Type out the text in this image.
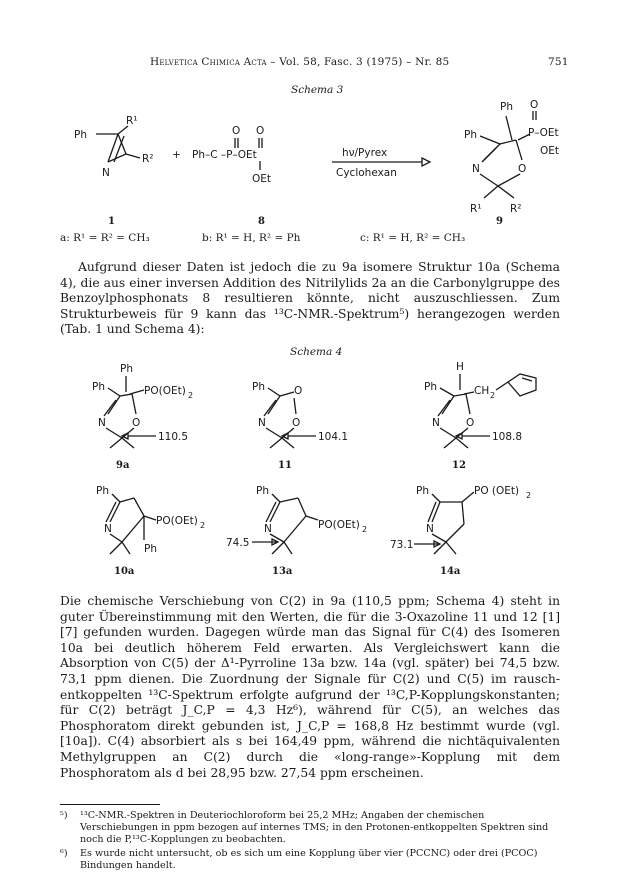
Helvetica Chimica Acta – Vol. 58, Fasc. 3 (1975) – Nr. 85	751
Schema 3
Ph
R¹
R²
N
+
O O
Ph–C –P–OEt
OEt
hν/Pyrex
Cyclohexan
Ph O
Ph	P–OEt
OEt
N	O
R¹	R²
1	8	9
a: R¹ = R² = CH₃	b: R¹ = H, R² = Ph	c: R¹ = H, R² = CH₃

Aufgrund dieser Daten ist jedoch die zu 9a isomere Struktur 10a (Schema 4), die aus einer inversen Addition des Nitrilylids 2a an die Carbonylgruppe des Benzoylphosphonats 8 resultieren könnte, nicht auszuschliessen. Zum Strukturbeweis für 9 kann das ¹³C-NMR.-Spektrum⁵) herangezogen werden (Tab. 1 und Schema 4):

Schema 4
Ph
Ph	PO(OEt) 2
N O
110.5
9a
Ph	O
N O
104.1
11
H
Ph	CH 2
N O
108.8
12
Ph
N
PO(OEt) 2
Ph
10a
Ph
N	PO(OEt) 2
74.5
13a
Ph	PO (OEt) 2
N
73.1
14a

Die chemische Verschiebung von C(2) in 9a (110,5 ppm; Schema 4) steht in guter Übereinstimmung mit den Werten, die für die 3-Oxazoline 11 und 12 [1] [7] gefunden wurden. Dagegen würde man das Signal für C(4) des Isomeren 10a bei deutlich höherem Feld erwarten. Als Vergleichswert kann die Absorption von C(5) der Δ¹-Pyrroline 13a bzw. 14a (vgl. später) bei 74,5 bzw. 73,1 ppm dienen. Die Zuordnung der Signale für C(2) und C(5) im rausch-entkoppelten ¹³C-Spektrum erfolgte aufgrund der ¹³C,P-Kopplungskonstanten; für C(2) beträgt J_C,P = 4,3 Hz⁶), während für C(5), an welches das Phosphoratom direkt gebunden ist, J_C,P = 168,8 Hz bestimmt wurde (vgl. [10a]). C(4) absorbiert als s bei 164,49 ppm, während die nichtäquivalenten Methylgruppen an C(2) durch die «long-range»-Kopplung mit dem Phosphoratom als d bei 28,95 bzw. 27,54 ppm erscheinen.

⁵)	¹³C-NMR.-Spektren in Deuteriochloroform bei 25,2 MHz; Angaben der chemischen Verschiebungen in ppm bezogen auf internes TMS; in den Protonen-entkoppelten Spektren sind noch die P,¹³C-Kopplungen zu beobachten.
⁶)	Es wurde nicht untersucht, ob es sich um eine Kopplung über vier (PCCNC) oder drei (PCOC) Bindungen handelt.
